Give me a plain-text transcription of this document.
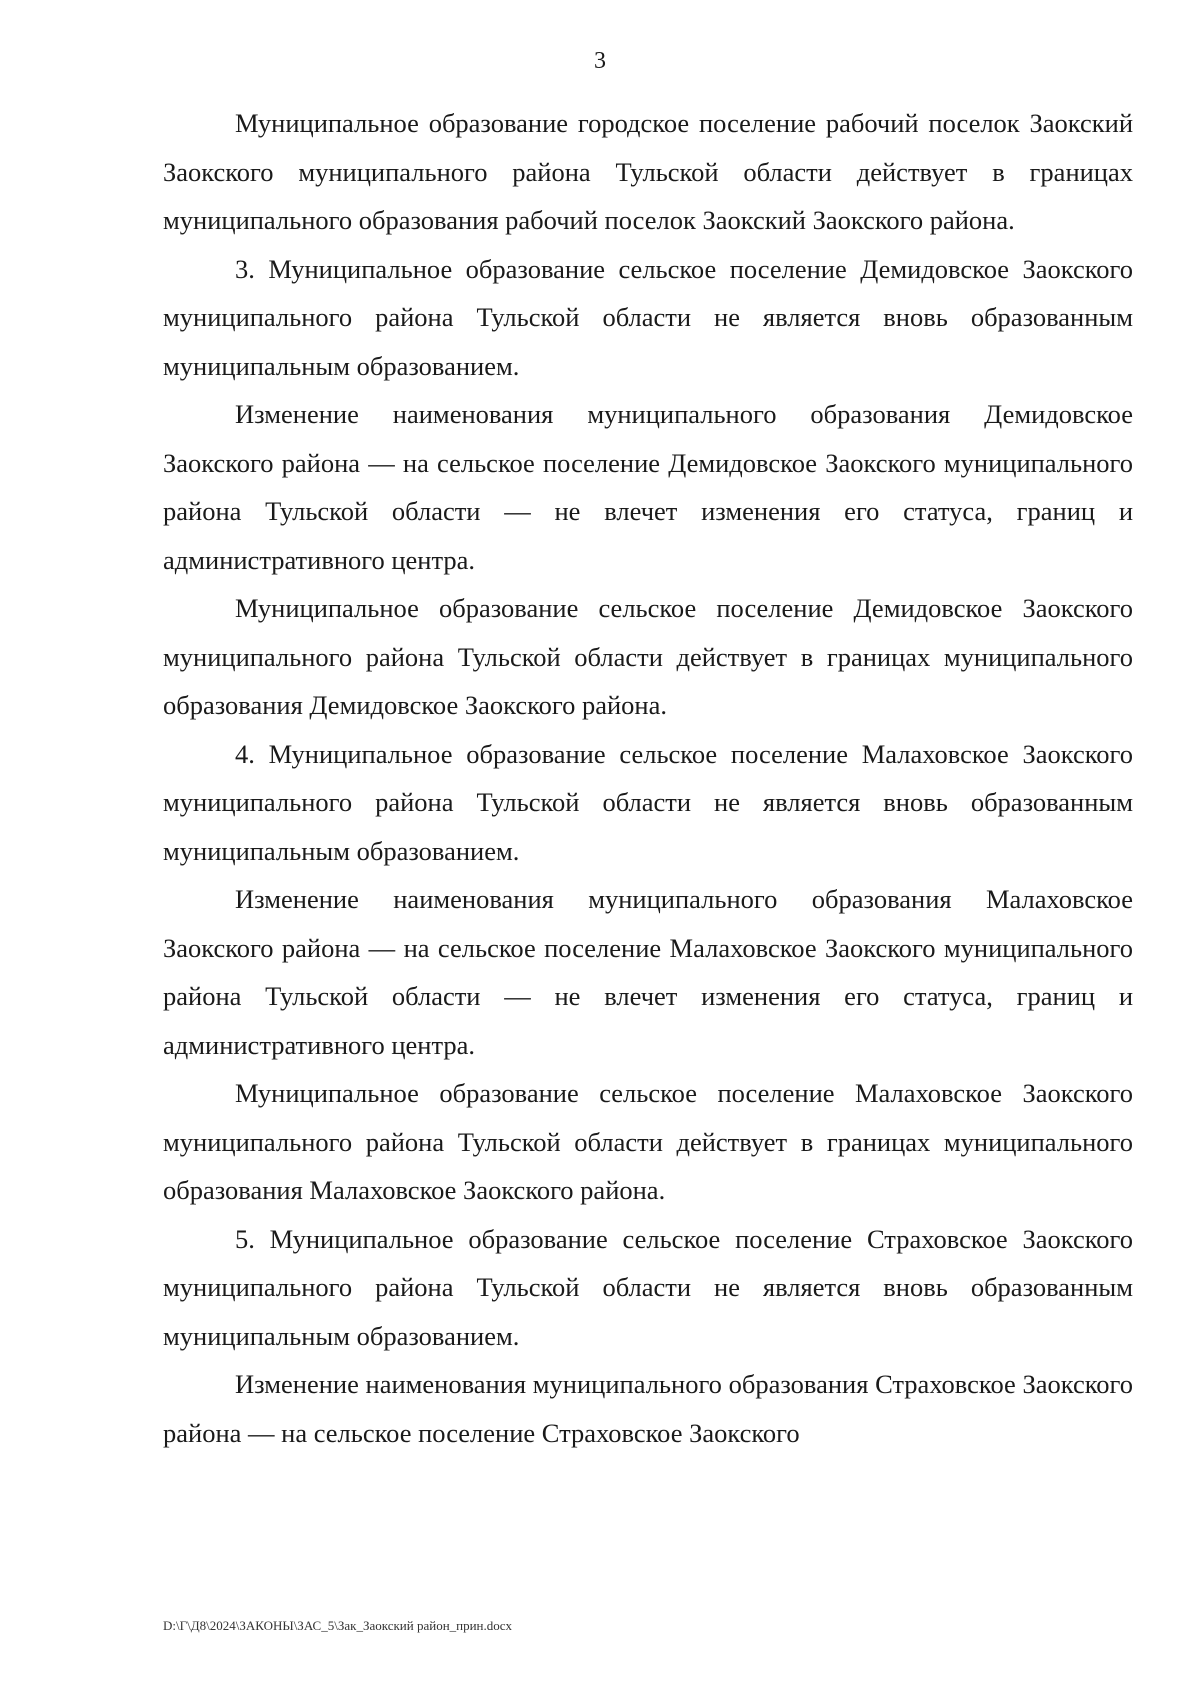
3

Муниципальное образование городское поселение рабочий поселок Заокский Заокского муниципального района Тульской области действует в границах муниципального образования рабочий поселок Заокский Заокского района.

3. Муниципальное образование сельское поселение Демидовское Заокского муниципального района Тульской области не является вновь образованным муниципальным образованием.

Изменение наименования муниципального образования Демидовское Заокского района — на сельское поселение Демидовское Заокского муниципального района Тульской области — не влечет изменения его статуса, границ и административного центра.

Муниципальное образование сельское поселение Демидовское Заокского муниципального района Тульской области действует в границах муниципального образования Демидовское Заокского района.

4. Муниципальное образование сельское поселение Малаховское Заокского муниципального района Тульской области не является вновь образованным муниципальным образованием.

Изменение наименования муниципального образования Малаховское Заокского района — на сельское поселение Малаховское Заокского муниципального района Тульской области — не влечет изменения его статуса, границ и административного центра.

Муниципальное образование сельское поселение Малаховское Заокского муниципального района Тульской области действует в границах муниципального образования Малаховское Заокского района.

5. Муниципальное образование сельское поселение Страховское Заокского муниципального района Тульской области не является вновь образованным муниципальным образованием.

Изменение наименования муниципального образования Страховское Заокского района — на сельское поселение Страховское Заокского

D:\Г\Д8\2024\ЗАКОНЫ\ЗАС_5\Зак_Заокский район_прин.docx
